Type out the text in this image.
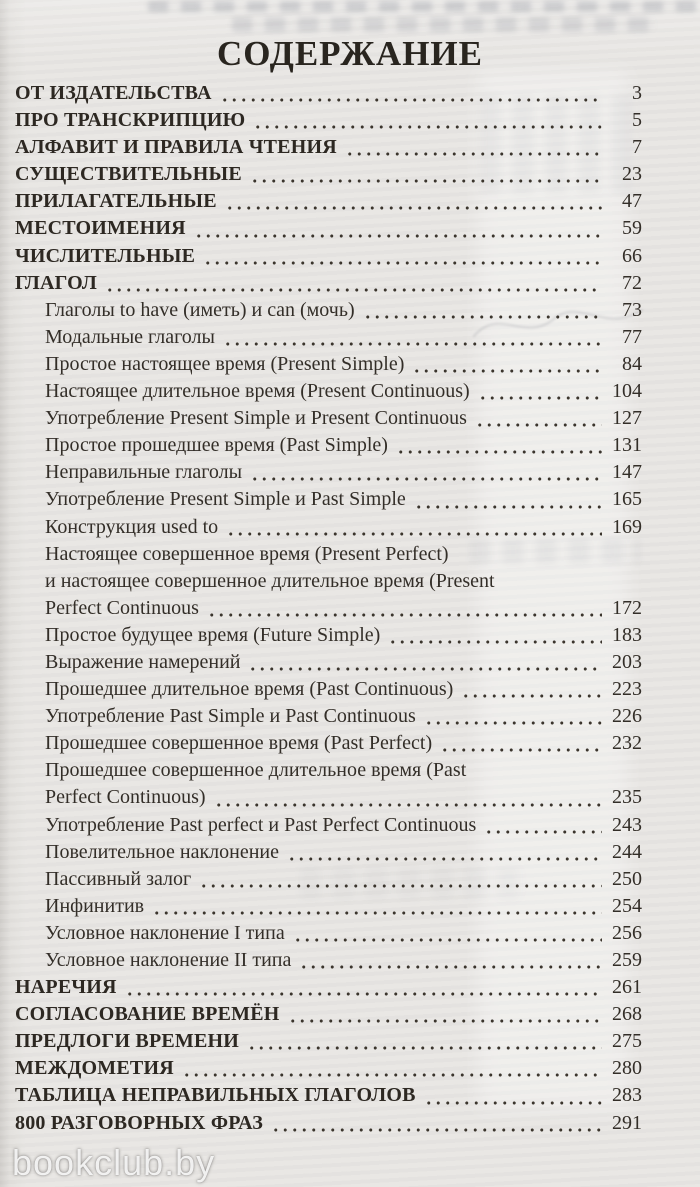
СОДЕРЖАНИЕ
ОТ ИЗДАТЕЛЬСТВА	3
ПРО ТРАНСКРИПЦИЮ	5
АЛФАВИТ И ПРАВИЛА ЧТЕНИЯ	7
СУЩЕСТВИТЕЛЬНЫЕ	23
ПРИЛАГАТЕЛЬНЫЕ	47
МЕСТОИМЕНИЯ	59
ЧИСЛИТЕЛЬНЫЕ	66
ГЛАГОЛ	72
Глаголы to have (иметь) и can (мочь)	73
Модальные глаголы	77
Простое настоящее время (Present Simple)	84
Настоящее длительное время (Present Continuous)	104
Употребление Present Simple и Present Continuous	127
Простое прошедшее время (Past Simple)	131
Неправильные глаголы	147
Употребление Present Simple и Past Simple	165
Конструкция used to	169
Настоящее совершенное время (Present Perfect)
и настоящее совершенное длительное время (Present
Perfect Continuous	172
Простое будущее время (Future Simple)	183
Выражение намерений	203
Прошедшее длительное время (Past Continuous)	223
Употребление Past Simple и Past Continuous	226
Прошедшее совершенное время (Past Perfect)	232
Прошедшее совершенное длительное время (Past
Perfect Continuous)	235
Употребление Past perfect и Past Perfect Continuous	243
Повелительное наклонение	244
Пассивный залог	250
Инфинитив	254
Условное наклонение I типа	256
Условное наклонение II типа	259
НАРЕЧИЯ	261
СОГЛАСОВАНИЕ ВРЕМЁН	268
ПРЕДЛОГИ ВРЕМЕНИ	275
МЕЖДОМЕТИЯ	280
ТАБЛИЦА НЕПРАВИЛЬНЫХ ГЛАГОЛОВ	283
800 РАЗГОВОРНЫХ ФРАЗ	291
bookclub.by
